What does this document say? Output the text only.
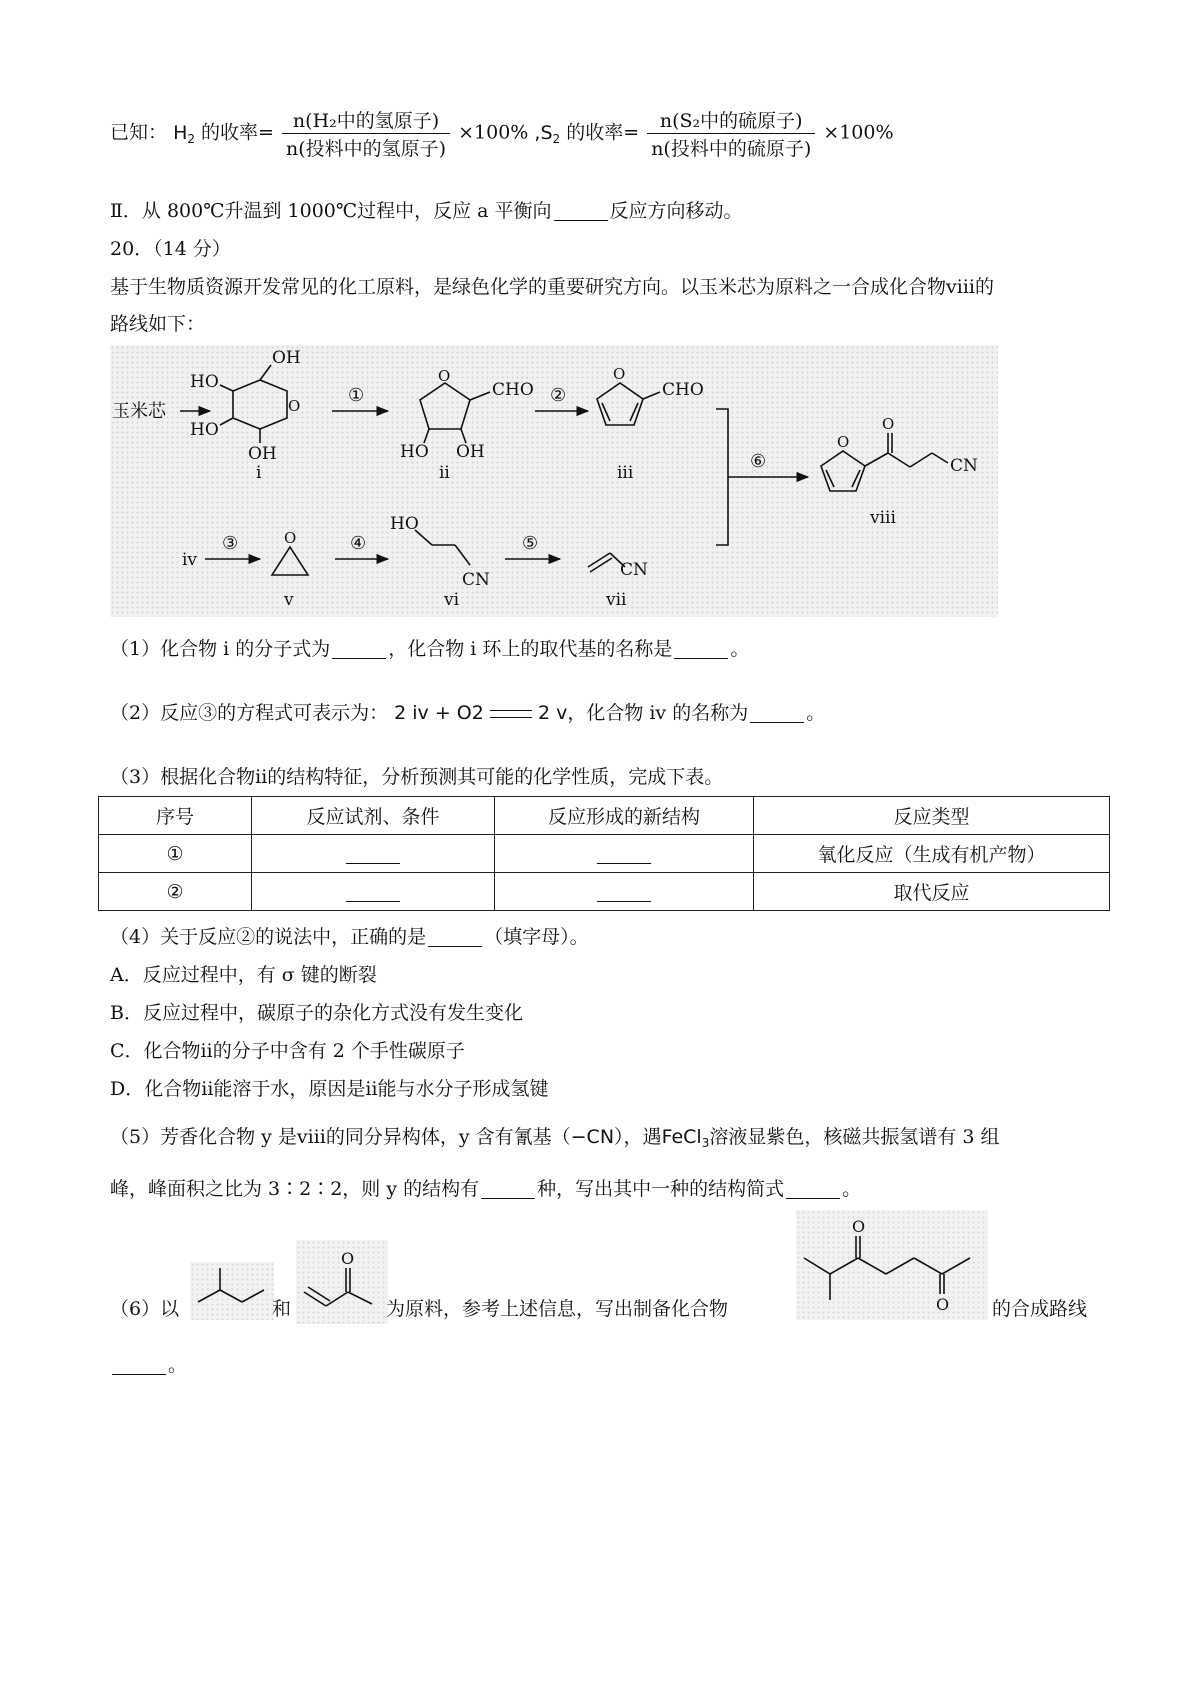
已知： $H_2$ 的收率= $\frac{\text{n(H₂中的氢原子)}}{\text{n(投料中的氢原子)}} \times 100\%$ $,S_2$ 的收率= $\frac{\text{n(S₂中的硫原子)}}{\text{n(投料中的硫原子)}} \times 100\%$
Ⅱ．从 800℃升温到 1000℃过程中，反应 a 平衡向	反应方向移动。
20．（14 分）
基于生物质资源开发常见的化工原料，是绿色化学的重要研究方向。以玉米芯为原料之一合成化合物ⅷ的
路线如下：
玉米芯
OH
HO
O
HO
OH
i
①
O
CHO
HO OH
ii
②
O
CHO
iii
⑥
O
O
CN
viii
iv
③	O
v
④
HO
CN
vi
⑤
CN
vii
（1）化合物 i 的分子式为	，化合物 i 环上的取代基的名称是	。
（2）反应③的方程式可表示为： 2 iv + O2	2 v，化合物 iv 的名称为	。
（3）根据化合物ⅱ的结构特征，分析预测其可能的化学性质，完成下表。
序号	反应试剂、条件	反应形成的新结构	反应类型
①			氧化反应（生成有机产物）
②			取代反应
（4）关于反应②的说法中，正确的是	（填字母）。
A．反应过程中，有 σ 键的断裂
B．反应过程中，碳原子的杂化方式没有发生变化
C．化合物ⅱ的分子中含有 2 个手性碳原子
D．化合物ⅱ能溶于水，原因是ⅱ能与水分子形成氢键
（5）芳香化合物 y 是ⅷ的同分异构体，y 含有氰基（−CN），遇FeCl$_3$溶液显紫色，核磁共振氢谱有 3 组
峰，峰面积之比为 3∶2∶2，则 y 的结构有	种，写出其中一种的结构简式	。
（6）以	和
O
为原料，参考上述信息，写出制备化合物
O
O 的合成路线
。
